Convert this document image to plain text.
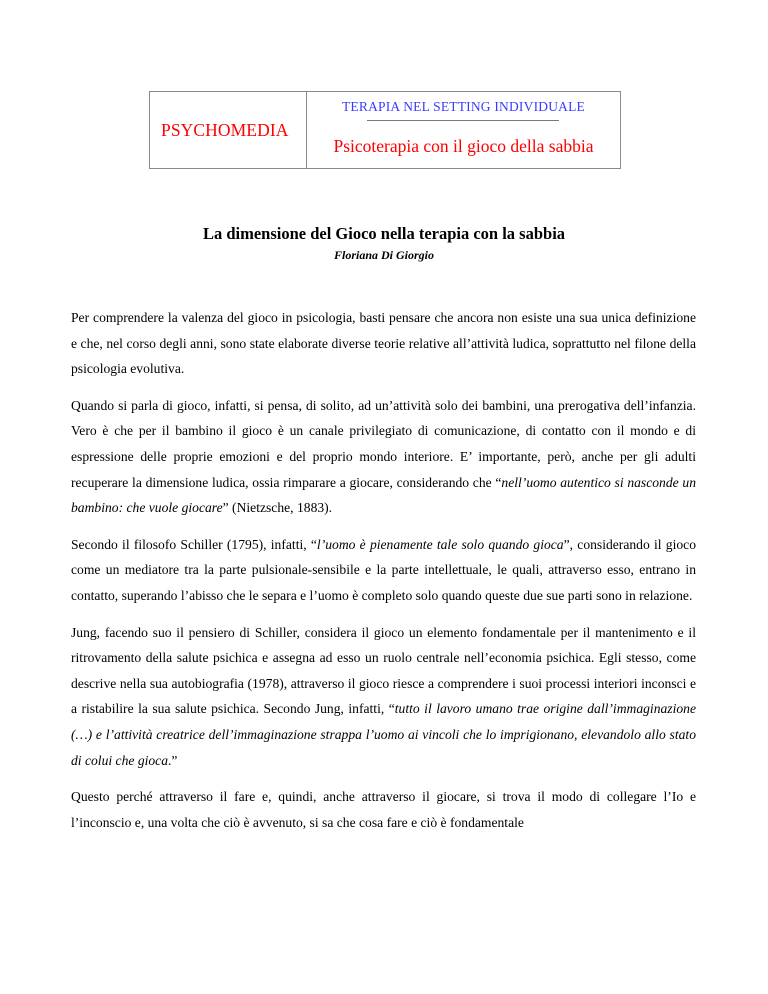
PSYCHOMEDIA
TERAPIA NEL SETTING INDIVIDUALE
Psicoterapia con il gioco della sabbia
La dimensione del Gioco nella terapia con la sabbia
Floriana Di Giorgio

Per comprendere la valenza del gioco in psicologia, basti pensare che ancora non esiste una sua unica definizione e che, nel corso degli anni, sono state elaborate diverse teorie relative all’attività ludica, soprattutto nel filone della psicologia evolutiva.

Quando si parla di gioco, infatti, si pensa, di solito, ad un’attività solo dei bambini, una prerogativa dell’infanzia. Vero è che per il bambino il gioco è un canale privilegiato di comunicazione, di contatto con il mondo e di espressione delle proprie emozioni e del proprio mondo interiore. E’ importante, però, anche per gli adulti recuperare la dimensione ludica, ossia rimparare a giocare, considerando che “nell’uomo autentico si nasconde un bambino: che vuole giocare” (Nietzsche, 1883).

Secondo il filosofo Schiller (1795), infatti, “l’uomo è pienamente tale solo quando gioca”, considerando il gioco come un mediatore tra la parte pulsionale-sensibile e la parte intellettuale, le quali, attraverso esso, entrano in contatto, superando l’abisso che le separa e l’uomo è completo solo quando queste due sue parti sono in relazione.

Jung, facendo suo il pensiero di Schiller, considera il gioco un elemento fondamentale per il mantenimento e il ritrovamento della salute psichica e assegna ad esso un ruolo centrale nell’economia psichica. Egli stesso, come descrive nella sua autobiografia (1978), attraverso il gioco riesce a comprendere i suoi processi interiori inconsci e a ristabilire la sua salute psichica. Secondo Jung, infatti, “tutto il lavoro umano trae origine dall’immaginazione (…) e l’attività creatrice dell’immaginazione strappa l’uomo ai vincoli che lo imprigionano, elevandolo allo stato di colui che gioca.”

Questo perché attraverso il fare e, quindi, anche attraverso il giocare, si trova il modo di collegare l’Io e l’inconscio e, una volta che ciò è avvenuto, si sa che cosa fare e ciò è fondamentale
